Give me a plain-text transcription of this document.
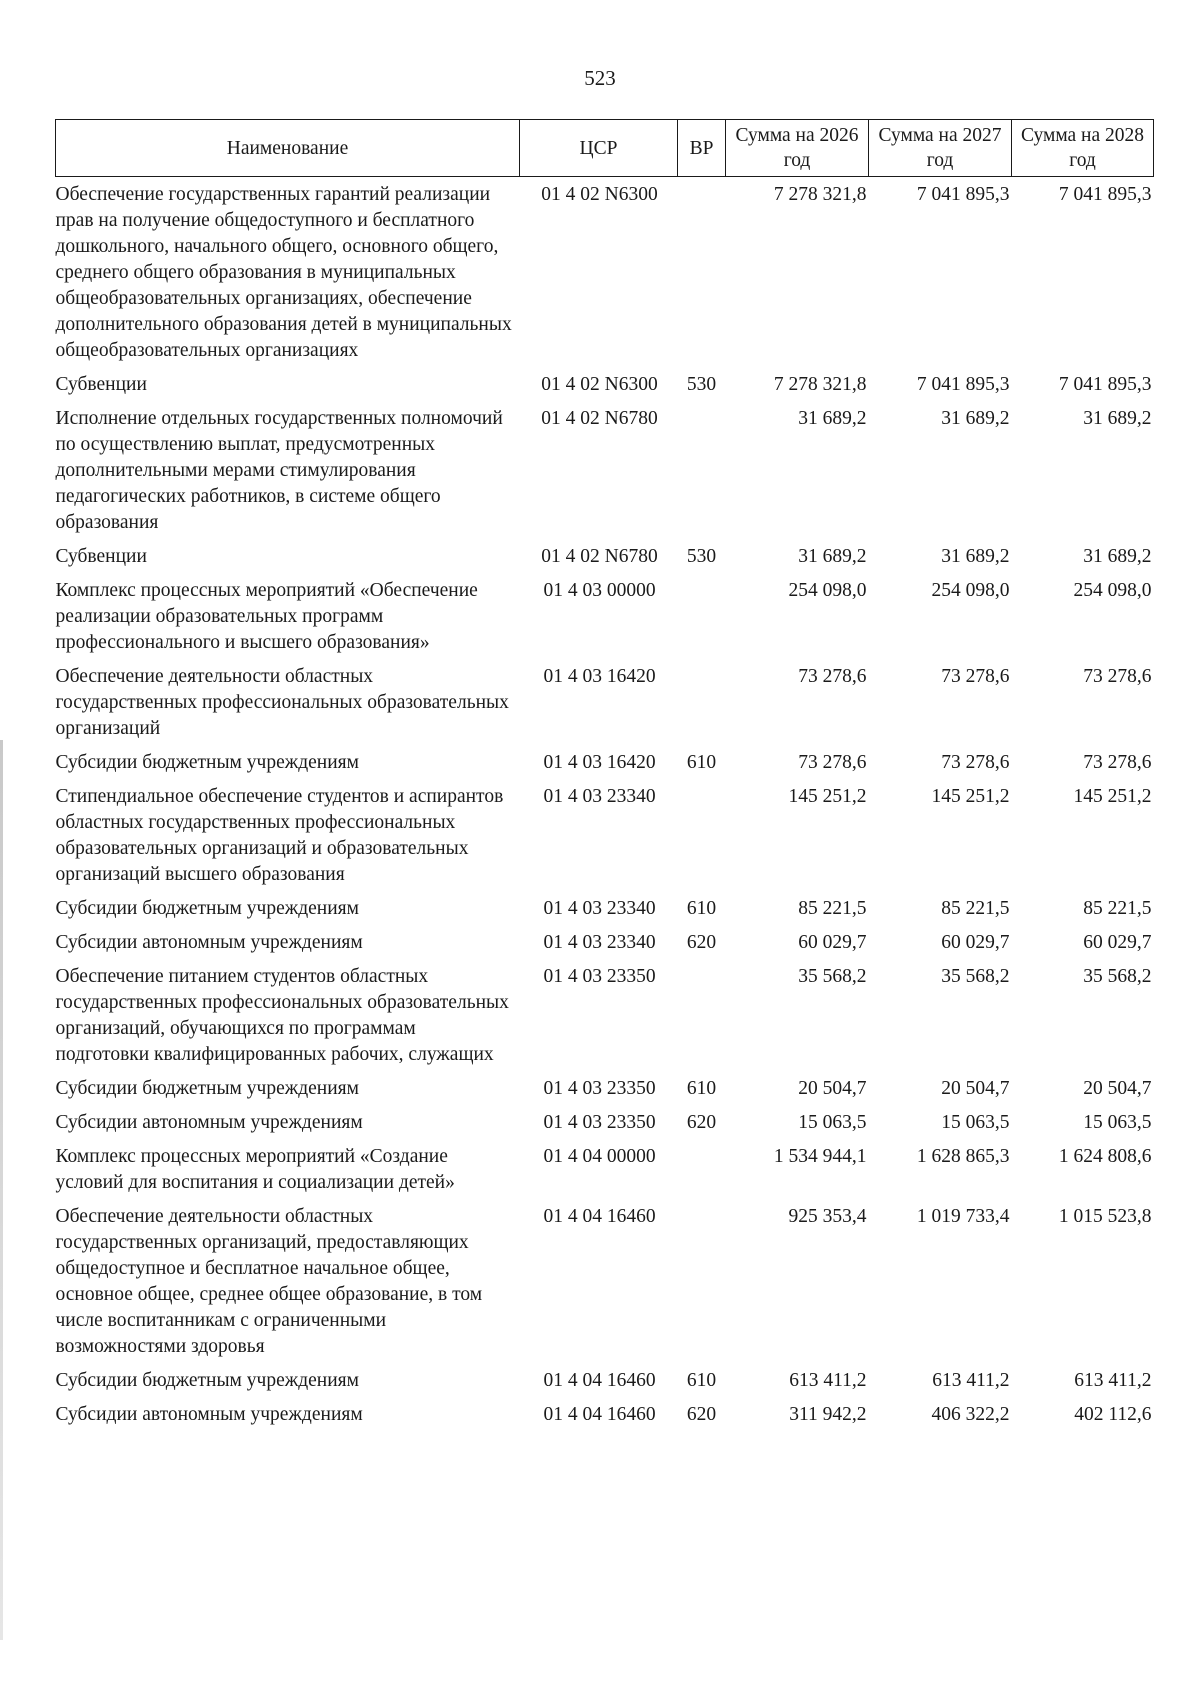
523
Наименование	ЦСР	ВР	Сумма на 2026 год	Сумма на 2027 год	Сумма на 2028 год
Обеспечение государственных гарантий реализации прав на получение общедоступного и бесплатного дошкольного, начального общего, основного общего, среднего общего образования в муниципальных общеобразовательных организациях, обеспечение дополнительного образования детей в муниципальных общеобразовательных организациях	01 4 02 N6300		7 278 321,8	7 041 895,3	7 041 895,3
Субвенции	01 4 02 N6300	530	7 278 321,8	7 041 895,3	7 041 895,3
Исполнение отдельных государственных полномочий по осуществлению выплат, предусмотренных дополнительными мерами стимулирования педагогических работников, в системе общего образования	01 4 02 N6780		31 689,2	31 689,2	31 689,2
Субвенции	01 4 02 N6780	530	31 689,2	31 689,2	31 689,2
Комплекс процессных мероприятий «Обеспечение реализации образовательных программ профессионального и высшего образования»	01 4 03 00000		254 098,0	254 098,0	254 098,0
Обеспечение деятельности областных государственных профессиональных образовательных организаций	01 4 03 16420		73 278,6	73 278,6	73 278,6
Субсидии бюджетным учреждениям	01 4 03 16420	610	73 278,6	73 278,6	73 278,6
Стипендиальное обеспечение студентов и аспирантов областных государственных профессиональных образовательных организаций и образовательных организаций высшего образования	01 4 03 23340		145 251,2	145 251,2	145 251,2
Субсидии бюджетным учреждениям	01 4 03 23340	610	85 221,5	85 221,5	85 221,5
Субсидии автономным учреждениям	01 4 03 23340	620	60 029,7	60 029,7	60 029,7
Обеспечение питанием студентов областных государственных профессиональных образовательных организаций, обучающихся по программам подготовки квалифицированных рабочих, служащих	01 4 03 23350		35 568,2	35 568,2	35 568,2
Субсидии бюджетным учреждениям	01 4 03 23350	610	20 504,7	20 504,7	20 504,7
Субсидии автономным учреждениям	01 4 03 23350	620	15 063,5	15 063,5	15 063,5
Комплекс процессных мероприятий «Создание условий для воспитания и социализации детей»	01 4 04 00000		1 534 944,1	1 628 865,3	1 624 808,6
Обеспечение деятельности областных государственных организаций, предоставляющих общедоступное и бесплатное начальное общее, основное общее, среднее общее образование, в том числе воспитанникам с ограниченными возможностями здоровья	01 4 04 16460		925 353,4	1 019 733,4	1 015 523,8
Субсидии бюджетным учреждениям	01 4 04 16460	610	613 411,2	613 411,2	613 411,2
Субсидии автономным учреждениям	01 4 04 16460	620	311 942,2	406 322,2	402 112,6
